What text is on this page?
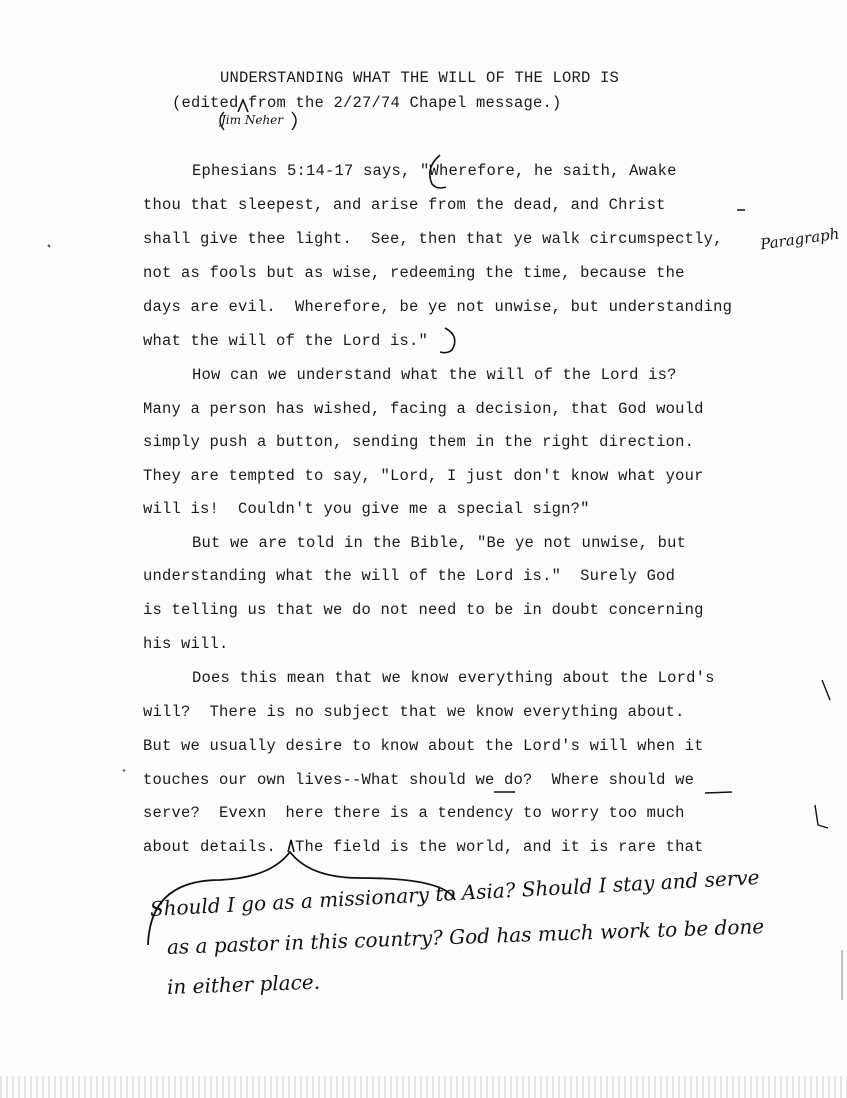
UNDERSTANDING WHAT THE WILL OF THE LORD IS
(edited from the 2/27/74 Chapel message.)
Jim Neher
Ephesians 5:14-17 says, "Wherefore, he saith, Awake
thou that sleepest, and arise from the dead, and Christ
shall give thee light.  See, then that ye walk circumspectly,
not as fools but as wise, redeeming the time, because the
days are evil.  Wherefore, be ye not unwise, but understanding
what the will of the Lord is."
How can we understand what the will of the Lord is?
Many a person has wished, facing a decision, that God would
simply push a button, sending them in the right direction.
They are tempted to say, "Lord, I just don't know what your
will is!  Couldn't you give me a special sign?"
But we are told in the Bible, "Be ye not unwise, but
understanding what the will of the Lord is."  Surely God
is telling us that we do not need to be in doubt concerning
his will.
Does this mean that we know everything about the Lord's
will?  There is no subject that we know everything about.
But we usually desire to know about the Lord's will when it
touches our own lives--What should we do?  Where should we
serve?  Evexn  here there is a tendency to worry too much
about details.  The field is the world, and it is rare that
Paragraph
Should I go as a missionary to Asia? Should I stay and serve
as a pastor in this country? God has much work to be done
in either place.
